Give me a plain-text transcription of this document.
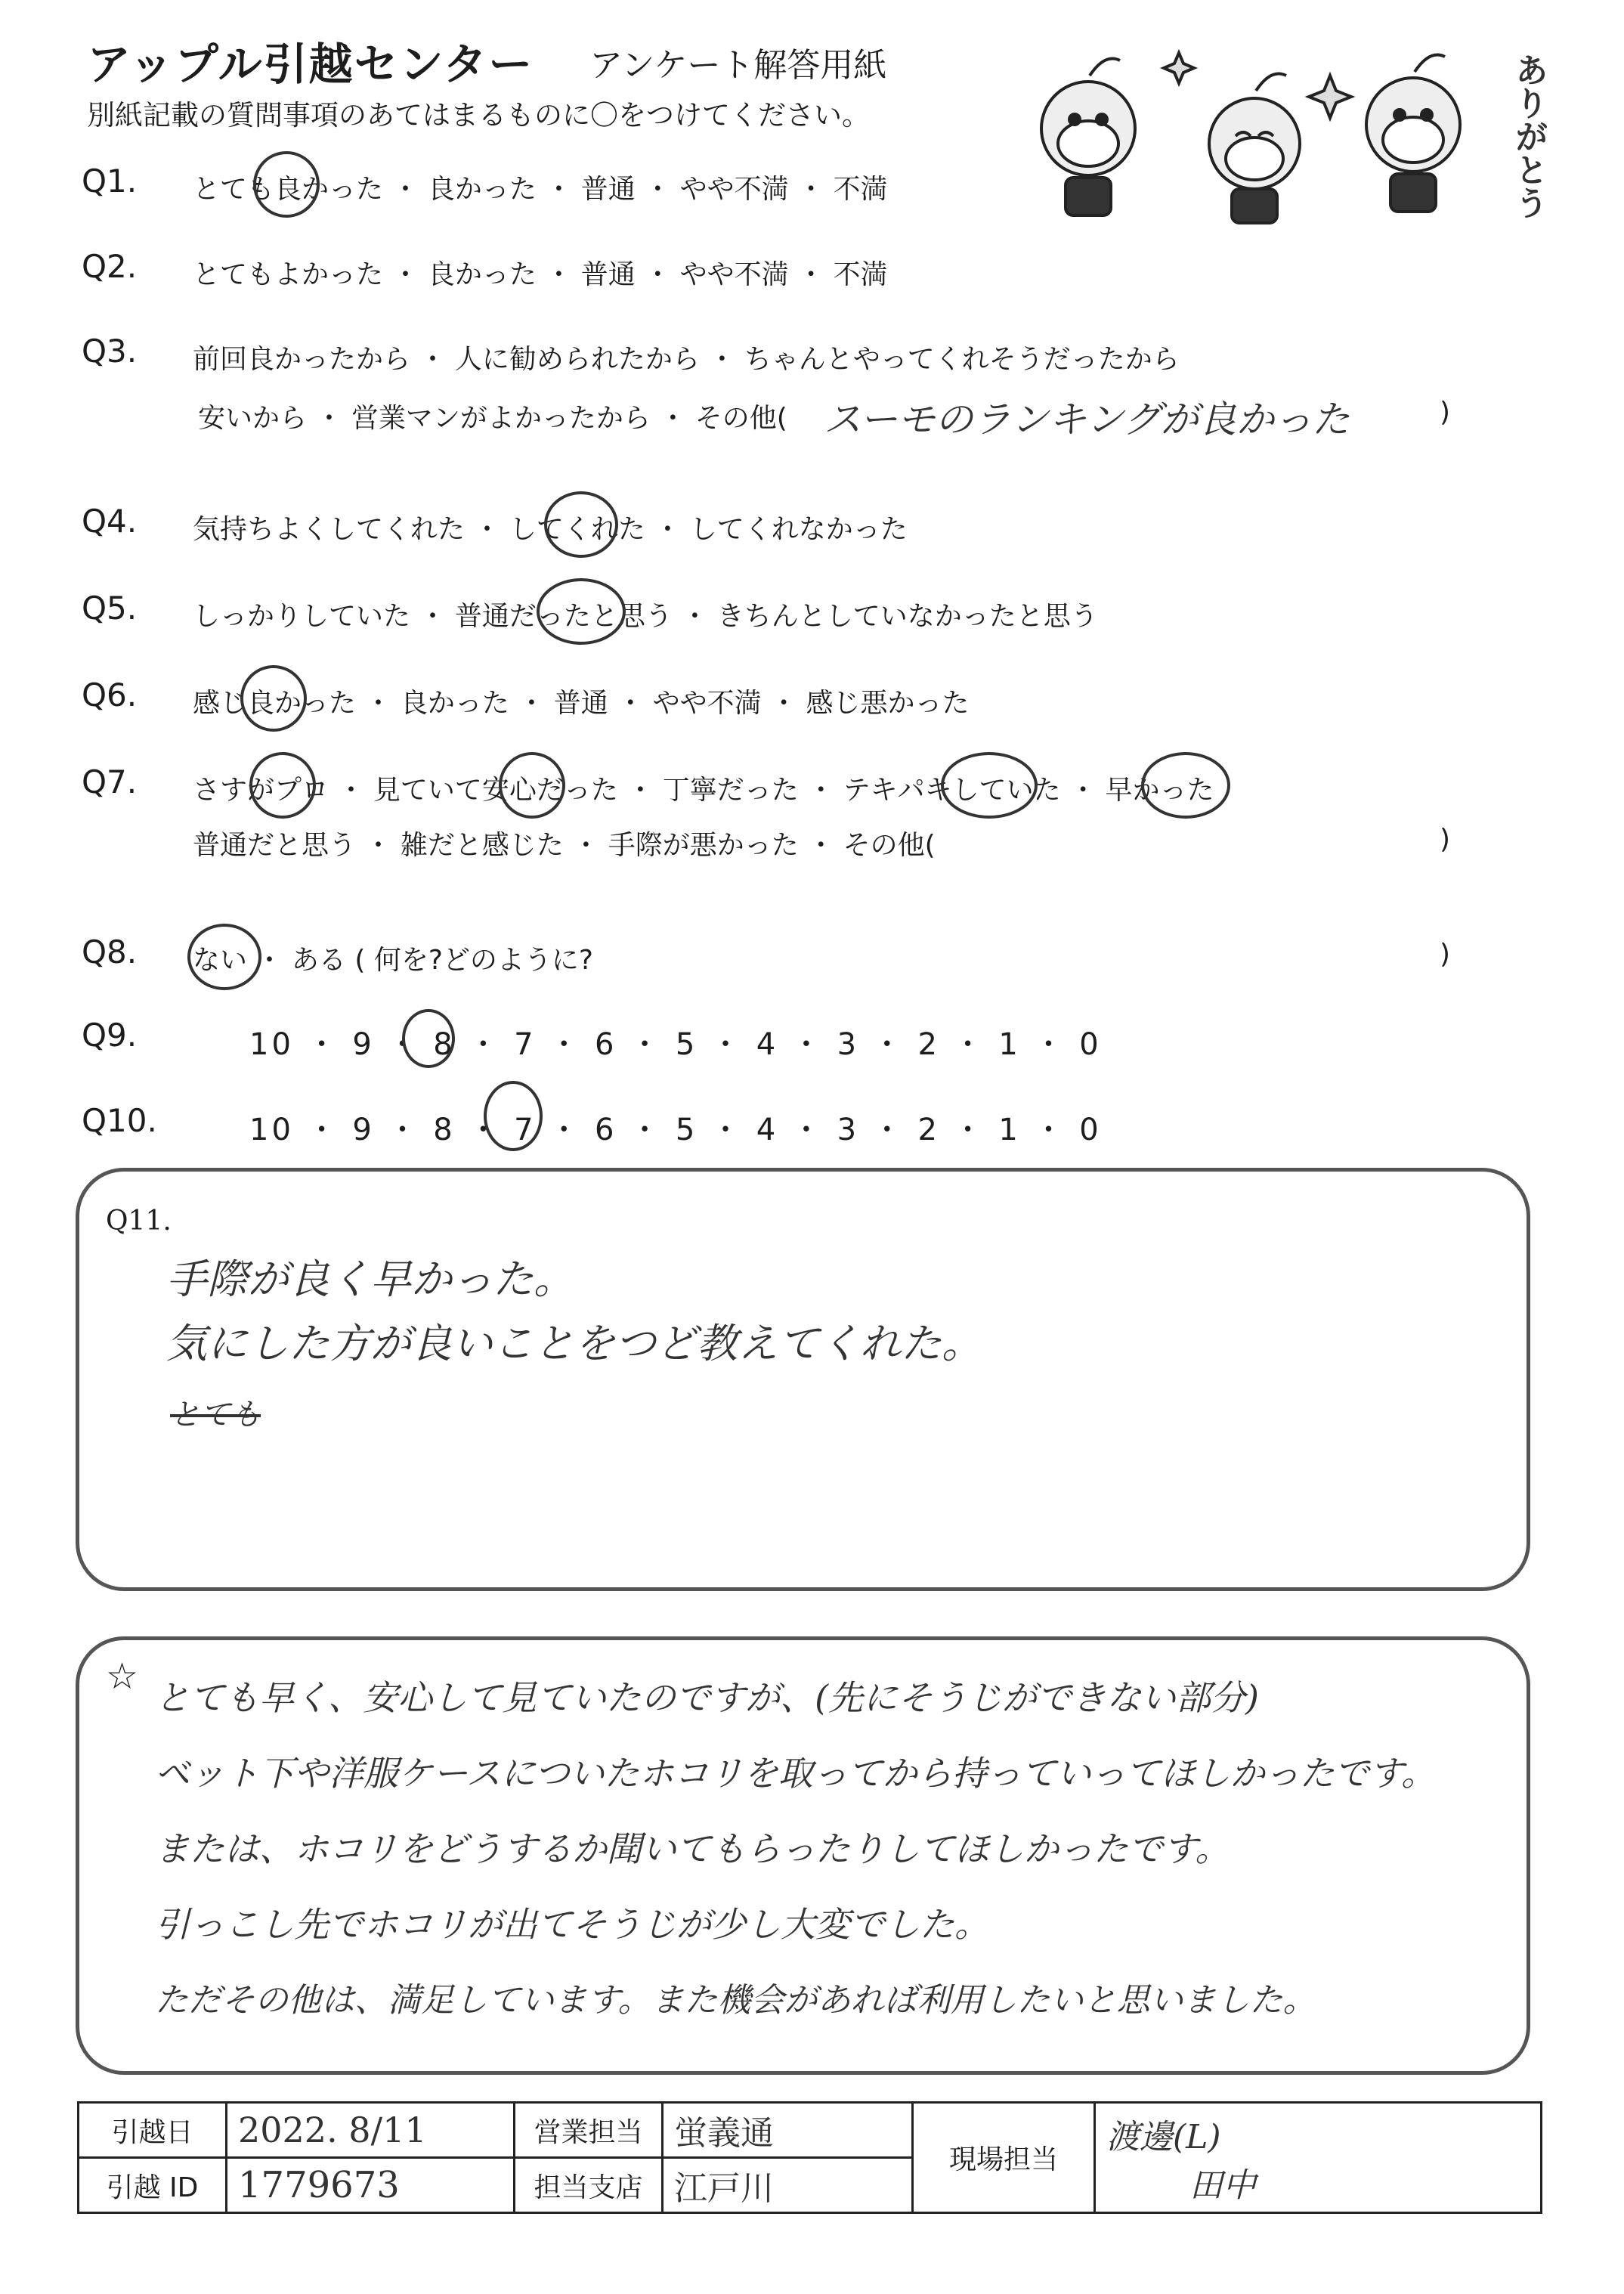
アップル引越センター アンケート解答用紙
別紙記載の質問事項のあてはまるものに〇をつけてください。	ありがとう
Q1. とても良かった ・ 良かった ・ 普通 ・ やや不満 ・ 不満
Q2. とてもよかった ・ 良かった ・ 普通 ・ やや不満 ・ 不満
Q3. 前回良かったから ・ 人に勧められたから ・ ちゃんとやってくれそうだったから
安いから ・ 営業マンがよかったから ・ その他( スーモのランキングが良かった	)
Q4. 気持ちよくしてくれた ・ してくれた ・ してくれなかった
Q5. しっかりしていた ・ 普通だったと思う ・ きちんとしていなかったと思う
Q6. 感じ良かった ・ 良かった ・ 普通 ・ やや不満 ・ 感じ悪かった
Q7. さすがプロ ・ 見ていて安心だった ・ 丁寧だった ・ テキパキしていた ・ 早かった
普通だと思う ・ 雑だと感じた ・ 手際が悪かった ・ その他(	)
Q8. ない ・ ある ( 何を?どのように?	)
Q9.	10 ・ 9 ・ 8 ・ 7 ・ 6 ・ 5 ・ 4 ・ 3 ・ 2 ・ 1 ・ 0
Q10.	10 ・ 9 ・ 8 ・ 7 ・ 6 ・ 5 ・ 4 ・ 3 ・ 2 ・ 1 ・ 0
Q11.
手際が良く早かった。
気にした方が良いことをつど教えてくれた。
とても
☆ とても早く、安心して見ていたのですが、(先にそうじができない部分)
ベット下や洋服ケースについたホコリを取ってから持っていってほしかったです。
または、ホコリをどうするか聞いてもらったりしてほしかったです。
引っこし先でホコリが出てそうじが少し大変でした。
ただその他は、満足しています。また機会があれば利用したいと思いました。
引越日	2022. 8/11	営業担当	蛍義通	現場担当	渡邊(L)
田中

引越 ID	1779673	担当支店	江戸川		
